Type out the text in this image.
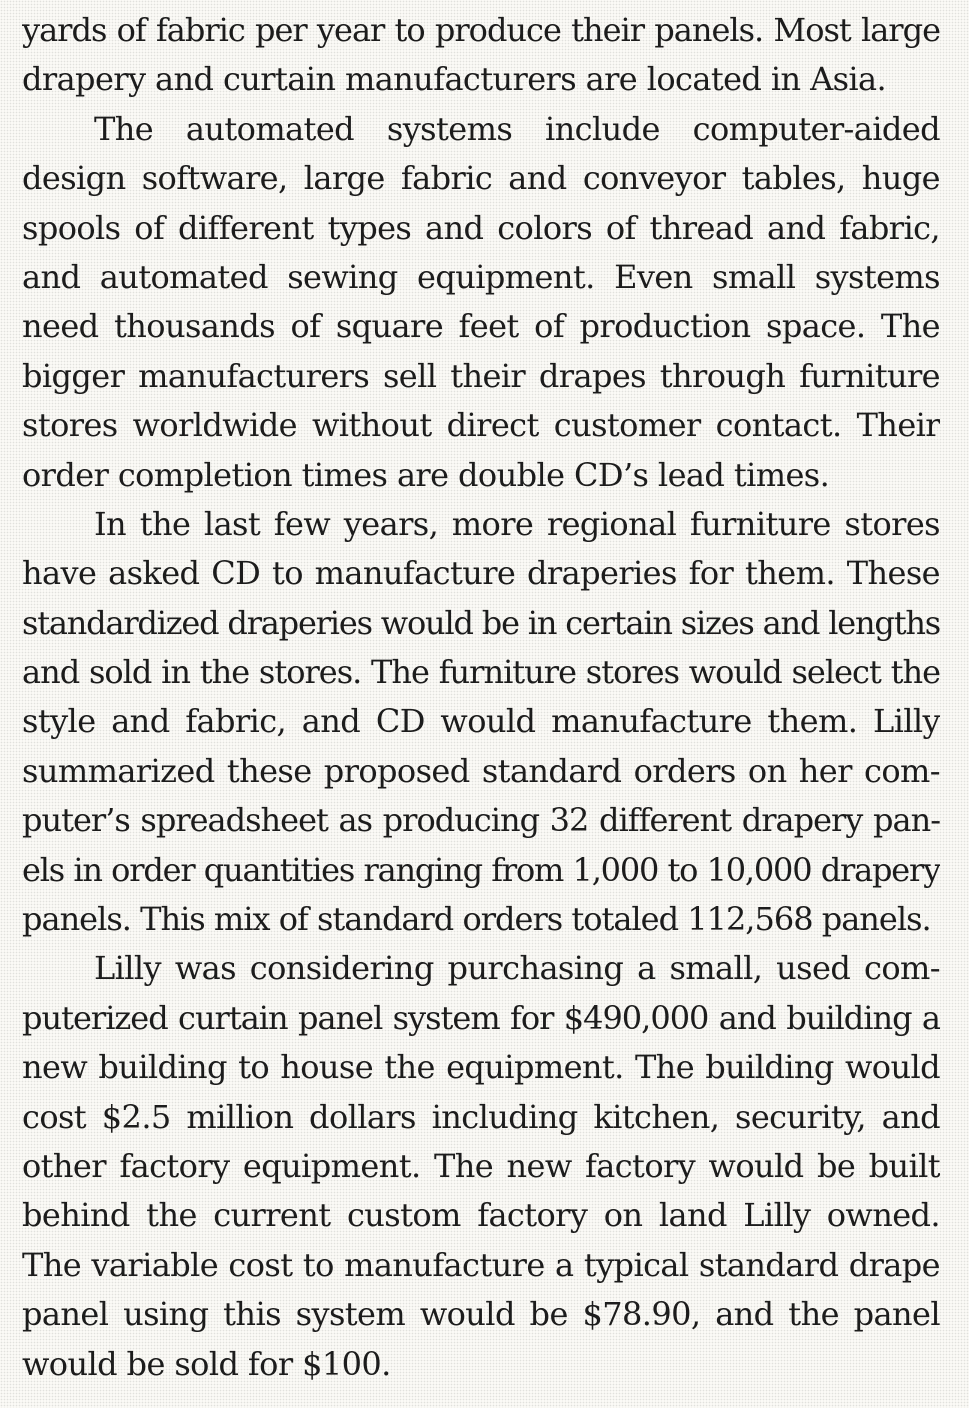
yards of fabric per year to produce their panels. Most large
drapery and curtain manufacturers are located in Asia.
The automated systems include computer-aided
design software, large fabric and conveyor tables, huge
spools of different types and colors of thread and fabric,
and automated sewing equipment. Even small systems
need thousands of square feet of production space. The
bigger manufacturers sell their drapes through furniture
stores worldwide without direct customer contact. Their
order completion times are double CD’s lead times.
In the last few years, more regional furniture stores
have asked CD to manufacture draperies for them. These
standardized draperies would be in certain sizes and lengths
and sold in the stores. The furniture stores would select the
style and fabric, and CD would manufacture them. Lilly
summarized these proposed standard orders on her com-
puter’s spreadsheet as producing 32 different drapery pan-
els in order quantities ranging from 1,000 to 10,000 drapery
panels. This mix of standard orders totaled 112,568 panels.
Lilly was considering purchasing a small, used com-
puterized curtain panel system for $490,000 and building a
new building to house the equipment. The building would
cost $2.5 million dollars including kitchen, security, and
other factory equipment. The new factory would be built
behind the current custom factory on land Lilly owned.
The variable cost to manufacture a typical standard drape
panel using this system would be $78.90, and the panel
would be sold for $100.
